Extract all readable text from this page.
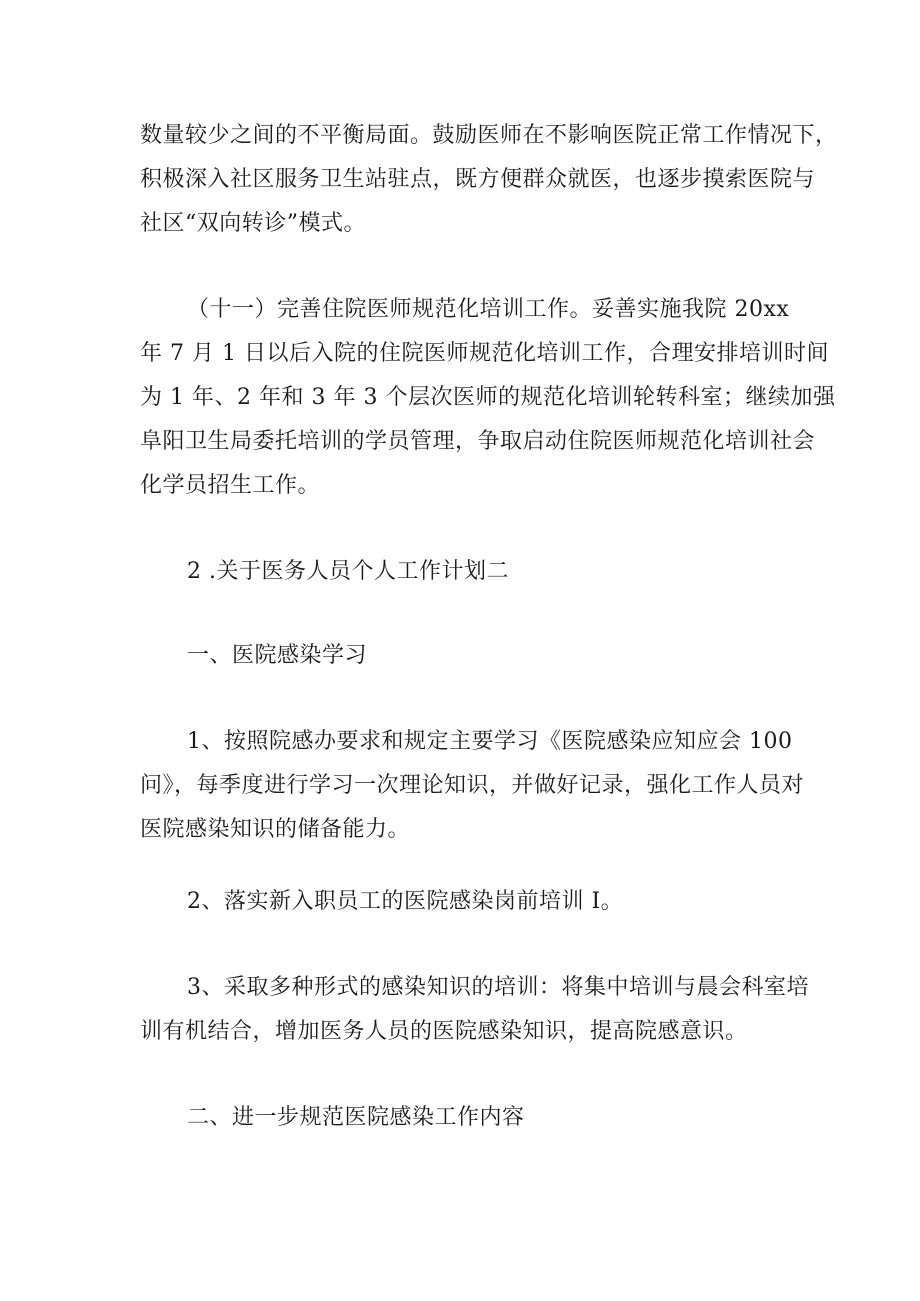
数量较少之间的不平衡局面。鼓励医师在不影响医院正常工作情况下，
积极深入社区服务卫生站驻点，既方便群众就医，也逐步摸索医院与
社区“双向转诊”模式。
（十一）完善住院医师规范化培训工作。妥善实施我院 20xx
年 7 月 1 日以后入院的住院医师规范化培训工作，合理安排培训时间
为 1 年、2 年和 3 年 3 个层次医师的规范化培训轮转科室；继续加强
阜阳卫生局委托培训的学员管理，争取启动住院医师规范化培训社会
化学员招生工作。
2 .关于医务人员个人工作计划二
一、医院感染学习
1、按照院感办要求和规定主要学习《医院感染应知应会 100
问》，每季度进行学习一次理论知识，并做好记录，强化工作人员对
医院感染知识的储备能力。
2、落实新入职员工的医院感染岗前培训 I。
3、采取多种形式的感染知识的培训：将集中培训与晨会科室培
训有机结合，增加医务人员的医院感染知识，提高院感意识。
二、进一步规范医院感染工作内容
